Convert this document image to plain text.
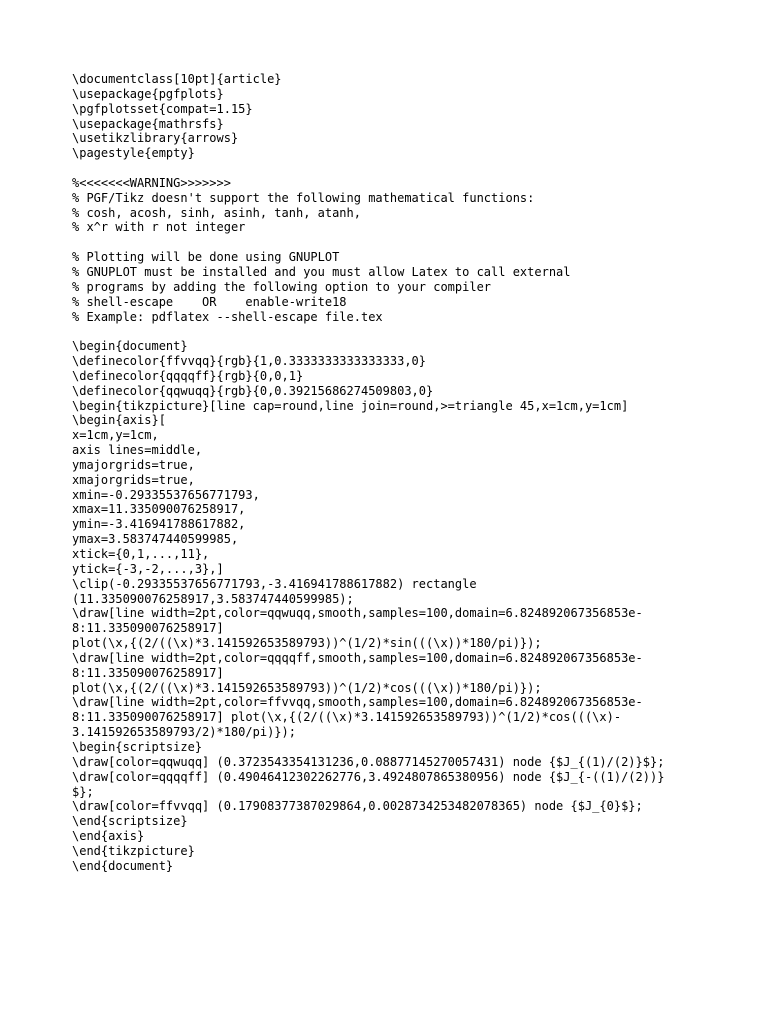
\documentclass[10pt]{article}
\usepackage{pgfplots}
\pgfplotsset{compat=1.15}
\usepackage{mathrsfs}
\usetikzlibrary{arrows}
\pagestyle{empty}
%<<<<<<<WARNING>>>>>>>
% PGF/Tikz doesn't support the following mathematical functions:
% cosh, acosh, sinh, asinh, tanh, atanh,
% x^r with r not integer
% Plotting will be done using GNUPLOT
% GNUPLOT must be installed and you must allow Latex to call external
% programs by adding the following option to your compiler
% shell-escape    OR    enable-write18
% Example: pdflatex --shell-escape file.tex
\begin{document}
\definecolor{ffvvqq}{rgb}{1,0.3333333333333333,0}
\definecolor{qqqqff}{rgb}{0,0,1}
\definecolor{qqwuqq}{rgb}{0,0.39215686274509803,0}
\begin{tikzpicture}[line cap=round,line join=round,>=triangle 45,x=1cm,y=1cm]
\begin{axis}[
x=1cm,y=1cm,
axis lines=middle,
ymajorgrids=true,
xmajorgrids=true,
xmin=-0.29335537656771793,
xmax=11.335090076258917,
ymin=-3.416941788617882,
ymax=3.583747440599985,
xtick={0,1,...,11},
ytick={-3,-2,...,3},]
\clip(-0.29335537656771793,-3.416941788617882) rectangle
(11.335090076258917,3.583747440599985);
\draw[line width=2pt,color=qqwuqq,smooth,samples=100,domain=6.824892067356853e-
8:11.335090076258917]
plot(\x,{(2/((\x)*3.141592653589793))^(1/2)*sin(((\x))*180/pi)});
\draw[line width=2pt,color=qqqqff,smooth,samples=100,domain=6.824892067356853e-
8:11.335090076258917]
plot(\x,{(2/((\x)*3.141592653589793))^(1/2)*cos(((\x))*180/pi)});
\draw[line width=2pt,color=ffvvqq,smooth,samples=100,domain=6.824892067356853e-
8:11.335090076258917] plot(\x,{(2/((\x)*3.141592653589793))^(1/2)*cos(((\x)-
3.141592653589793/2)*180/pi)});
\begin{scriptsize}
\draw[color=qqwuqq] (0.3723543354131236,0.08877145270057431) node {$J_{(1)/(2)}$};
\draw[color=qqqqff] (0.49046412302262776,3.4924807865380956) node {$J_{-((1)/(2))}
$};
\draw[color=ffvvqq] (0.17908377387029864,0.0028734253482078365) node {$J_{0}$};
\end{scriptsize}
\end{axis}
\end{tikzpicture}
\end{document}
